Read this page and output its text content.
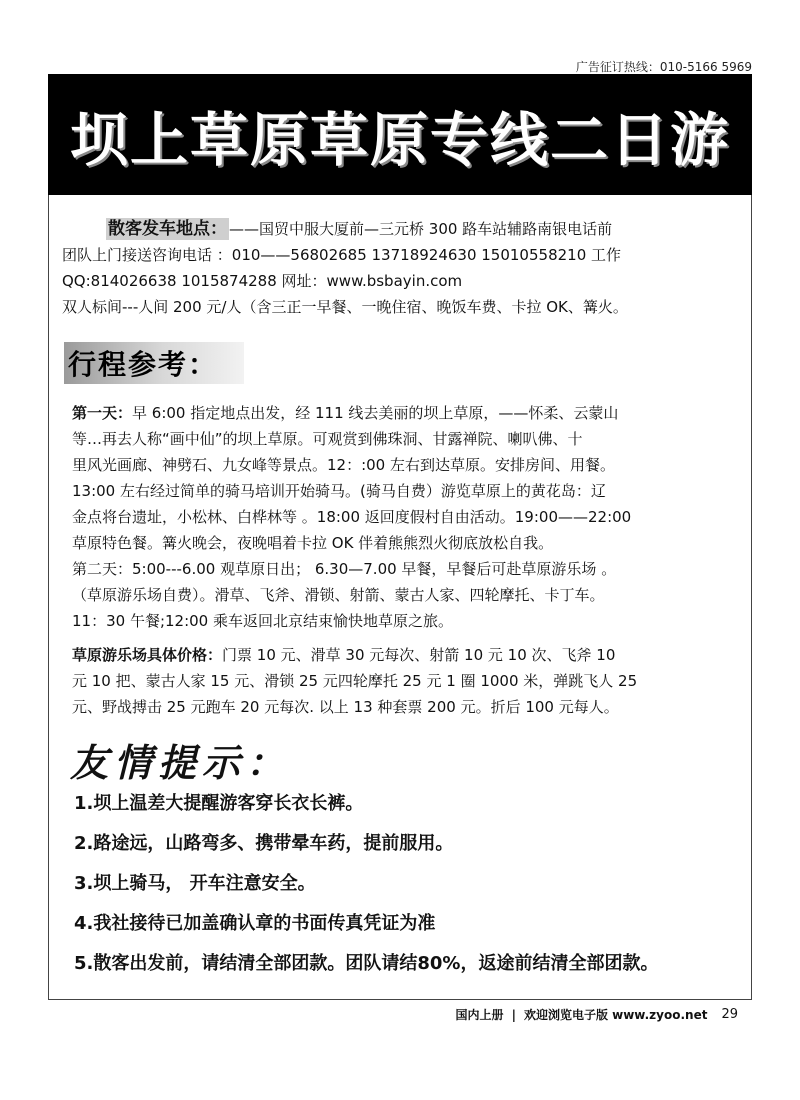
广告征订热线：010-5166 5969
坝上草原草原专线二日游
散客发车地点： ——国贸中服大厦前—三元桥 300 路车站辅路南银电话前
团队上门接送咨询电话 ：010——56802685 13718924630 15010558210 工作
QQ:814026638 1015874288 网址：www.bsbayin.com
双人标间---人间 200 元/人（含三正一早餐、一晚住宿、晚饭车费、卡拉 OK、篝火。
行程参考：
第一天：早 6:00 指定地点出发，经 111 线去美丽的坝上草原，——怀柔、云蒙山
等…再去人称“画中仙”的坝上草原。可观赏到佛珠洞、甘露禅院、喇叭佛、十
里风光画廊、神劈石、九女峰等景点。12：:00 左右到达草原。安排房间、用餐。
13:00 左右经过简单的骑马培训开始骑马。(骑马自费）游览草原上的黄花岛：辽
金点将台遗址，小松林、白桦林等 。18:00 返回度假村自由活动。19:00——22:00
草原特色餐。篝火晚会，夜晚唱着卡拉 OK 伴着熊熊烈火彻底放松自我。
第二天：5:00---6.00 观草原日出； 6.30—7.00 早餐，早餐后可赴草原游乐场 。
（草原游乐场自费）。滑草、飞斧、滑锁、射箭、蒙古人家、四轮摩托、卡丁车。
11：30 午餐;12:00 乘车返回北京结束愉快地草原之旅。
草原游乐场具体价格：门票 10 元、滑草 30 元每次、射箭 10 元 10 次、飞斧 10
元 10 把、蒙古人家 15 元、滑锁 25 元四轮摩托 25 元 1 圈 1000 米，弹跳飞人 25
元、野战搏击 25 元跑车 20 元每次. 以上 13 种套票 200 元。折后 100 元每人。
友情提示：
1.坝上温差大提醒游客穿长衣长裤。
2.路途远，山路弯多、携带晕车药，提前服用。
3.坝上骑马， 开车注意安全。
4.我社接待已加盖确认章的书面传真凭证为准
5.散客出发前，请结清全部团款。团队请结80%，返途前结清全部团款。
国内上册 | 欢迎浏览电子版 www.zyoo.net 29
